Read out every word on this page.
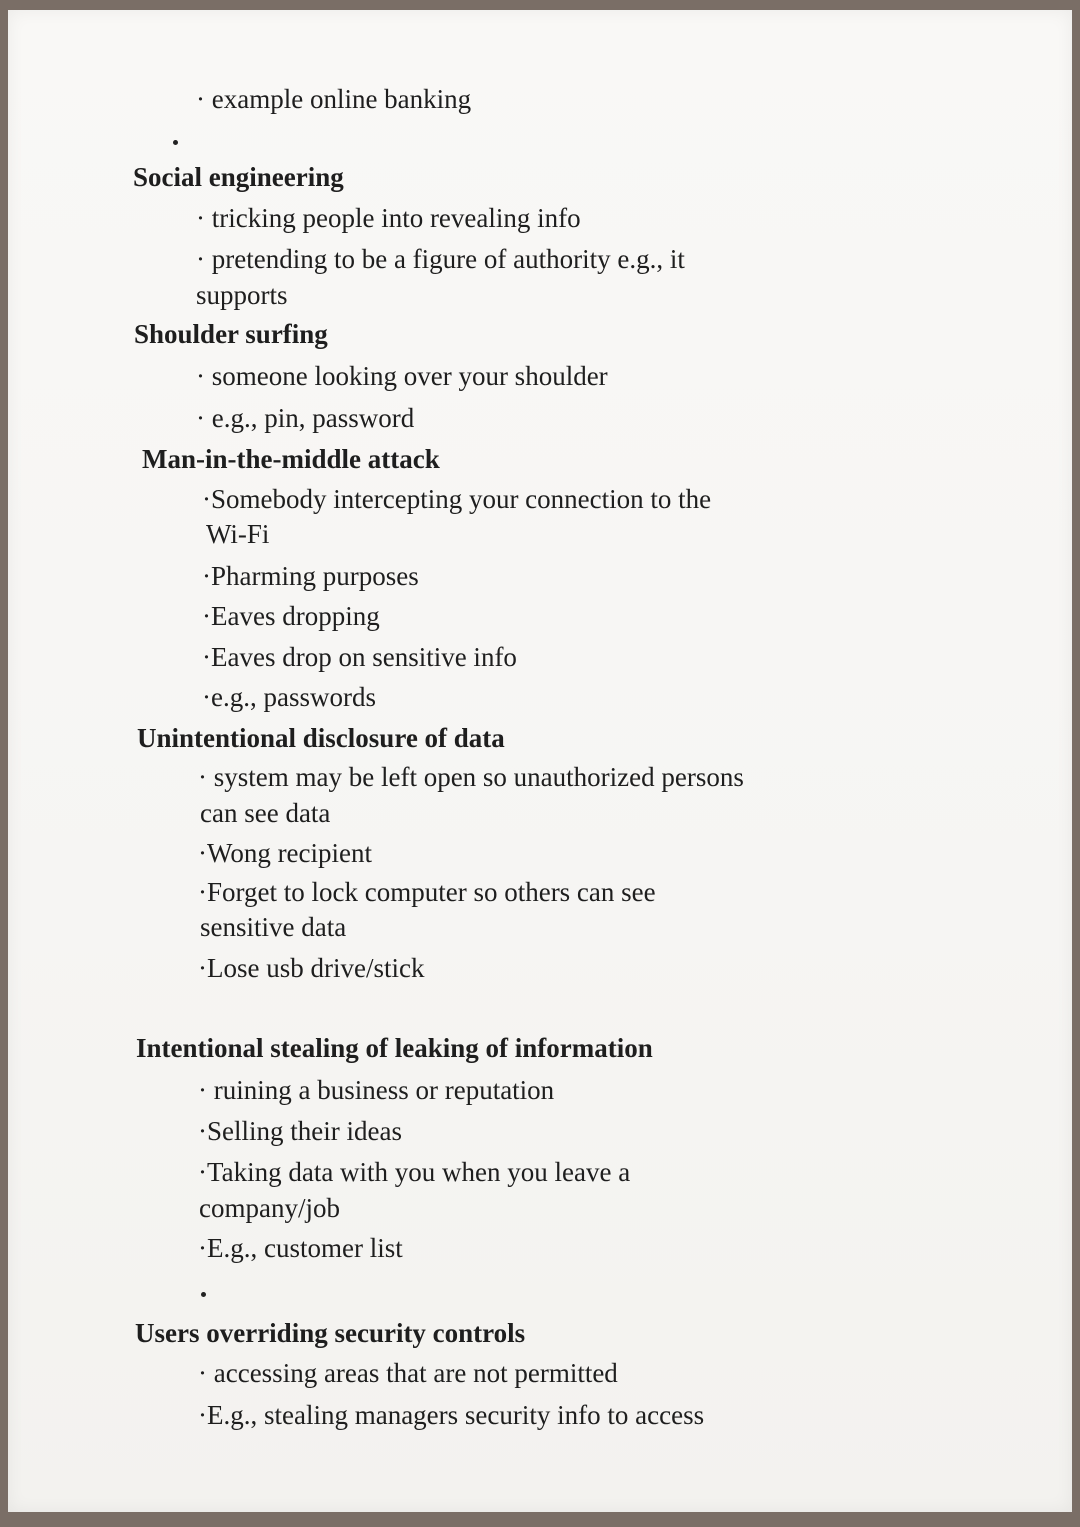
· example online banking
Social engineering
· tricking people into revealing info
· pretending to be a figure of authority e.g., it
supports
Shoulder surfing
· someone looking over your shoulder
· e.g., pin, password
Man-in-the-middle attack
·Somebody intercepting your connection to the
Wi-Fi
·Pharming purposes
·Eaves dropping
·Eaves drop on sensitive info
·e.g., passwords
Unintentional disclosure of data
· system may be left open so unauthorized persons
can see data
·Wong recipient
·Forget to lock computer so others can see
sensitive data
·Lose usb drive/stick
Intentional stealing of leaking of information
· ruining a business or reputation
·Selling their ideas
·Taking data with you when you leave a
company/job
·E.g., customer list
Users overriding security controls
· accessing areas that are not permitted
·E.g., stealing managers security info to access
